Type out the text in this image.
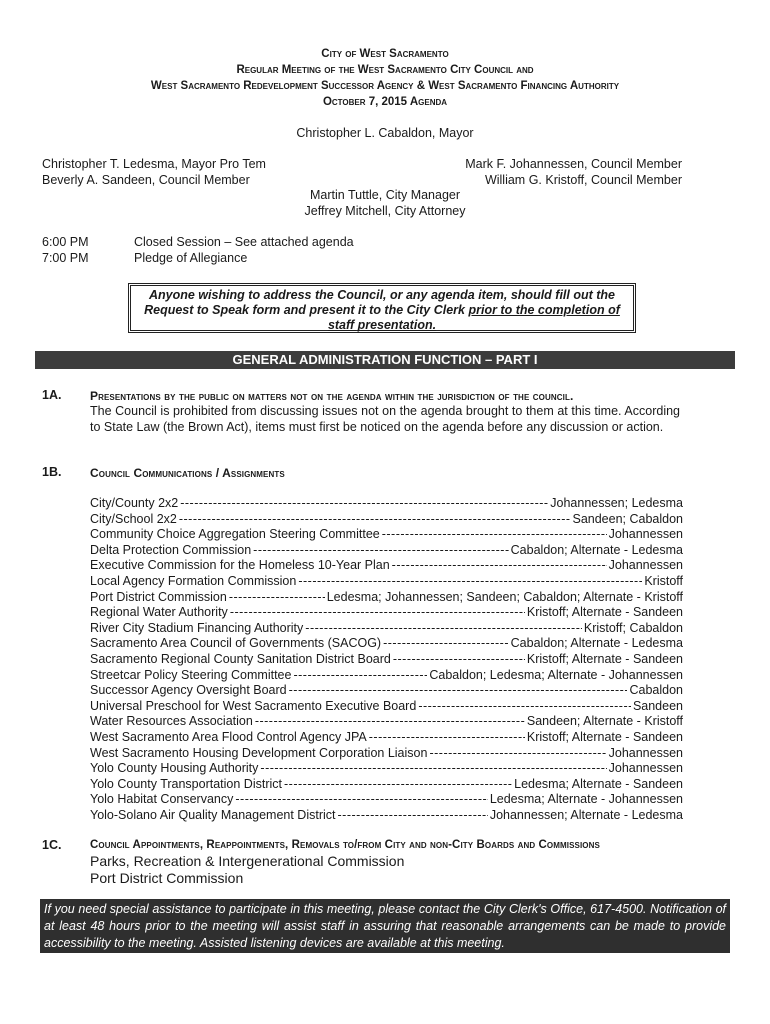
City of West Sacramento
Regular Meeting of the West Sacramento City Council and
West Sacramento Redevelopment Successor Agency & West Sacramento Financing Authority
October 7, 2015 Agenda
Christopher L. Cabaldon, Mayor
Christopher T. Ledesma, Mayor Pro Tem
Beverly A. Sandeen, Council Member
Mark F. Johannessen, Council Member
William G. Kristoff, Council Member
Martin Tuttle, City Manager
Jeffrey Mitchell, City Attorney
6:00 PM	Closed Session – See attached agenda
7:00 PM	Pledge of Allegiance
Anyone wishing to address the Council, or any agenda item, should fill out the Request to Speak form and present it to the City Clerk prior to the completion of staff presentation.
GENERAL ADMINISTRATION FUNCTION – PART I
1A. Presentations by the public on matters not on the agenda within the jurisdiction of the council.
The Council is prohibited from discussing issues not on the agenda brought to them at this time. According to State Law (the Brown Act), items must first be noticed on the agenda before any discussion or action.
1B. Council Communications / Assignments
City/County 2x2 -----	Johannessen; Ledesma
City/School 2x2 -----	Sandeen; Cabaldon
Community Choice Aggregation Steering Committee -----	Johannessen
Delta Protection Commission -----	Cabaldon; Alternate - Ledesma
Executive Commission for the Homeless 10-Year Plan -----	Johannessen
Local Agency Formation Commission -----	Kristoff
Port District Commission -----	Ledesma; Johannessen; Sandeen; Cabaldon; Alternate - Kristoff
Regional Water Authority -----	Kristoff; Alternate - Sandeen
River City Stadium Financing Authority -----	Kristoff; Cabaldon
Sacramento Area Council of Governments (SACOG) -----	Cabaldon; Alternate - Ledesma
Sacramento Regional County Sanitation District Board -----	Kristoff; Alternate - Sandeen
Streetcar Policy Steering Committee -----	Cabaldon; Ledesma; Alternate - Johannessen
Successor Agency Oversight Board -----	Cabaldon
Universal Preschool for West Sacramento Executive Board -----	Sandeen
Water Resources Association -----	Sandeen; Alternate - Kristoff
West Sacramento Area Flood Control Agency JPA -----	Kristoff; Alternate - Sandeen
West Sacramento Housing Development Corporation Liaison -----	Johannessen
Yolo County Housing Authority -----	Johannessen
Yolo County Transportation District -----	Ledesma; Alternate - Sandeen
Yolo Habitat Conservancy -----	Ledesma; Alternate - Johannessen
Yolo-Solano Air Quality Management District -----	Johannessen; Alternate - Ledesma
1C. Council Appointments, Reappointments, Removals to/from City and non-City Boards and Commissions
Parks, Recreation & Intergenerational Commission
Port District Commission
If you need special assistance to participate in this meeting, please contact the City Clerk's Office, 617-4500. Notification of at least 48 hours prior to the meeting will assist staff in assuring that reasonable arrangements can be made to provide accessibility to the meeting. Assisted listening devices are available at this meeting.
